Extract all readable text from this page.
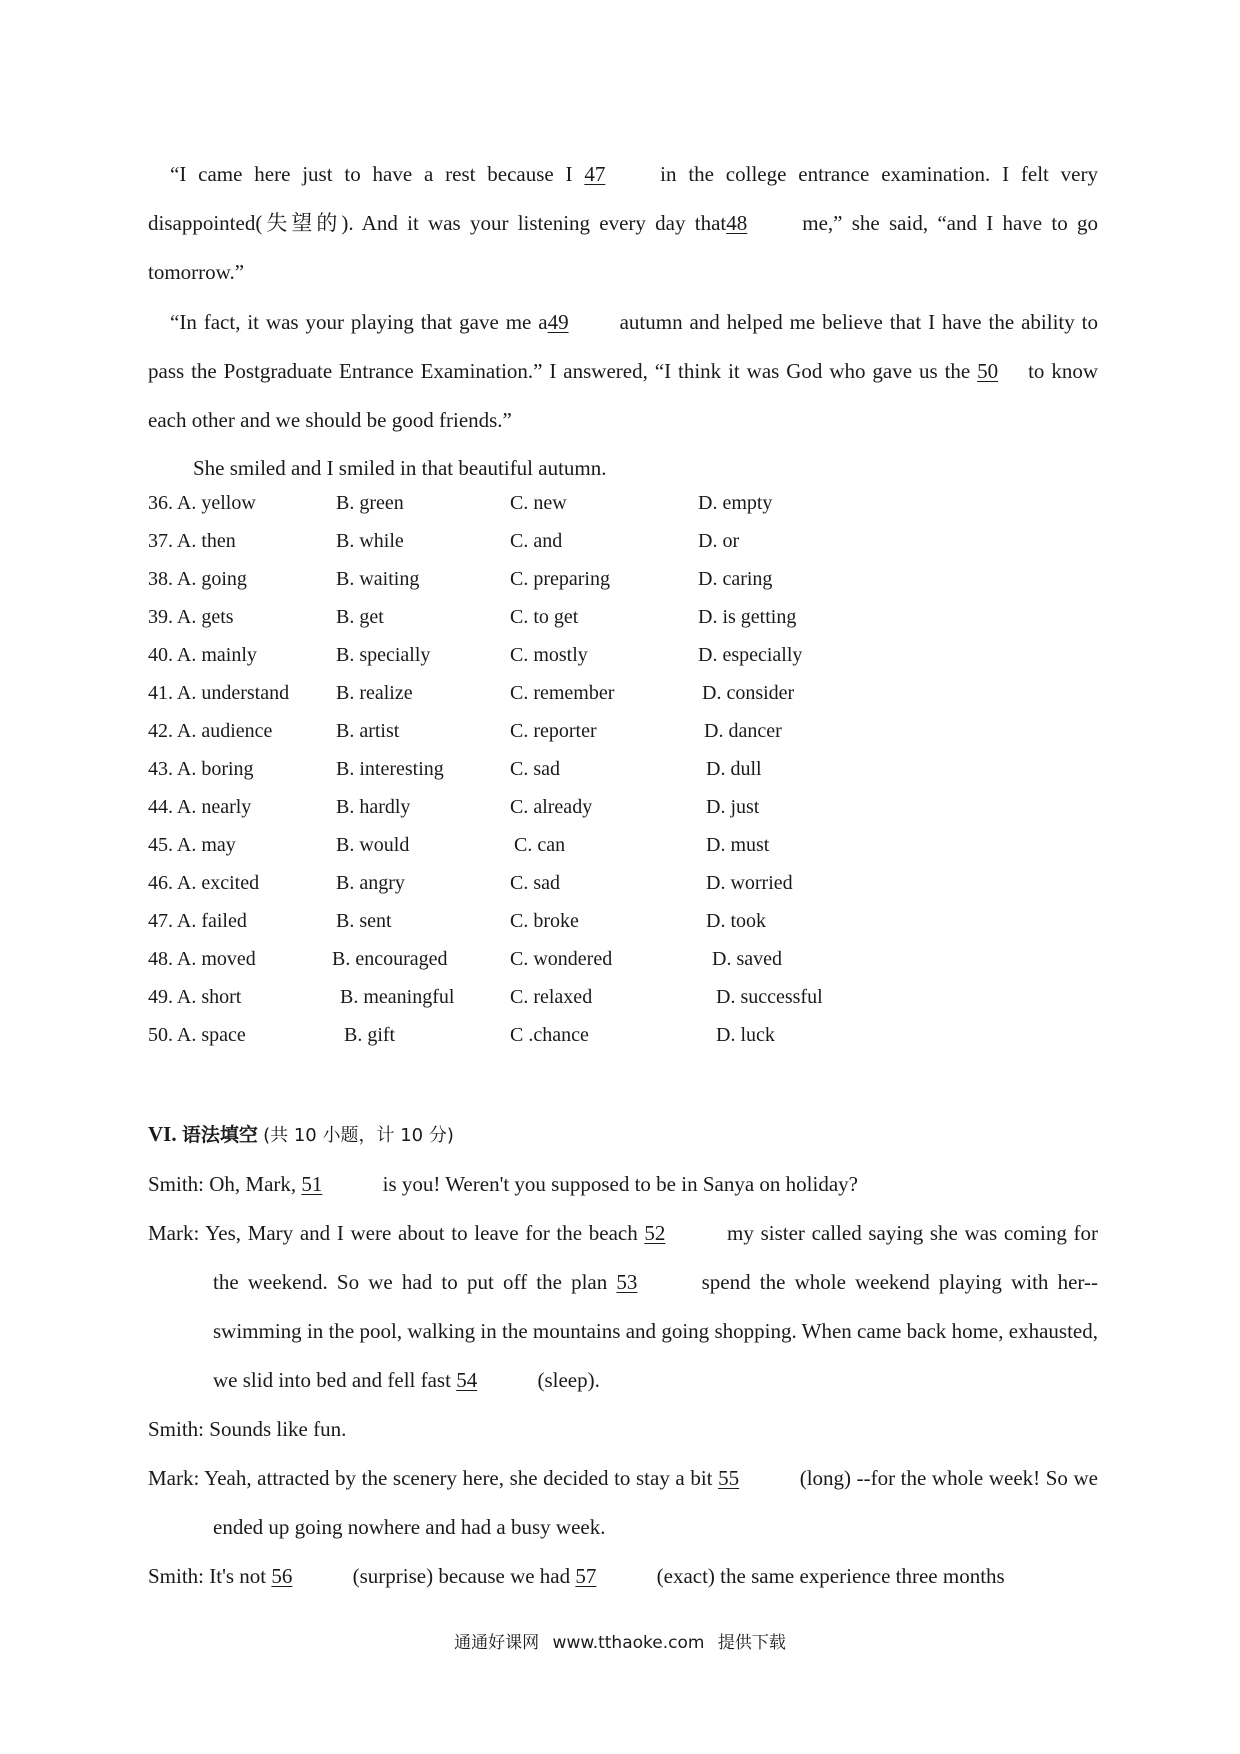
“I came here just to have a rest because I 47 in the college entrance examination. I felt very disappointed(失望的). And it was your listening every day that48	me,” she said, “and I have to go tomorrow.”
“In fact, it was your playing that gave me a49 autumn and helped me believe that I have the ability to pass the Postgraduate Entrance Examination.” I answered, “I think it was God who gave us the 50 to know each other and we should be good friends.”
She smiled and I smiled in that beautiful autumn.
36. A. yellow	B. green	C. new	D. empty
37. A. then	B. while	C. and	D. or
38. A. going	B. waiting	C. preparing	D. caring
39. A. gets	B. get	C. to get	D. is getting
40. A. mainly	B. specially	C. mostly	D. especially
41. A. understand B. realize	C. remember	D. consider
42. A. audience	B. artist	C. reporter	D. dancer
43. A. boring	B. interesting	C. sad	D. dull
44. A. nearly	B. hardly	C. already	D. just
45. A. may	B. would	C. can	D. must
46. A. excited	B. angry	C. sad	D. worried
47. A. failed	B. sent	C. broke	D. took
48. A. moved	B. encouraged	C. wondered	D. saved
49. A. short	B. meaningful	C. relaxed	D. successful
50. A. space	B. gift	C .chance	D. luck
VI. 语法填空 (共 10 小题，计 10 分)
Smith: Oh, Mark, 51	is you! Weren't you supposed to be in Sanya on holiday?
Mark: Yes, Mary and I were about to leave for the beach 52	my sister called saying she was coming for the weekend. So we had to put off the plan 53	spend the whole weekend playing with her--swimming in the pool, walking in the mountains and going shopping. When came back home, exhausted, we slid into bed and fell fast 54	(sleep).
Smith: Sounds like fun.
Mark: Yeah, attracted by the scenery here, she decided to stay a bit 55	(long) --for the whole week! So we ended up going nowhere and had a busy week.
Smith: It's not 56	(surprise) because we had 57	(exact) the same experience three months
通通好课网 www.tthaoke.com 提供下载
